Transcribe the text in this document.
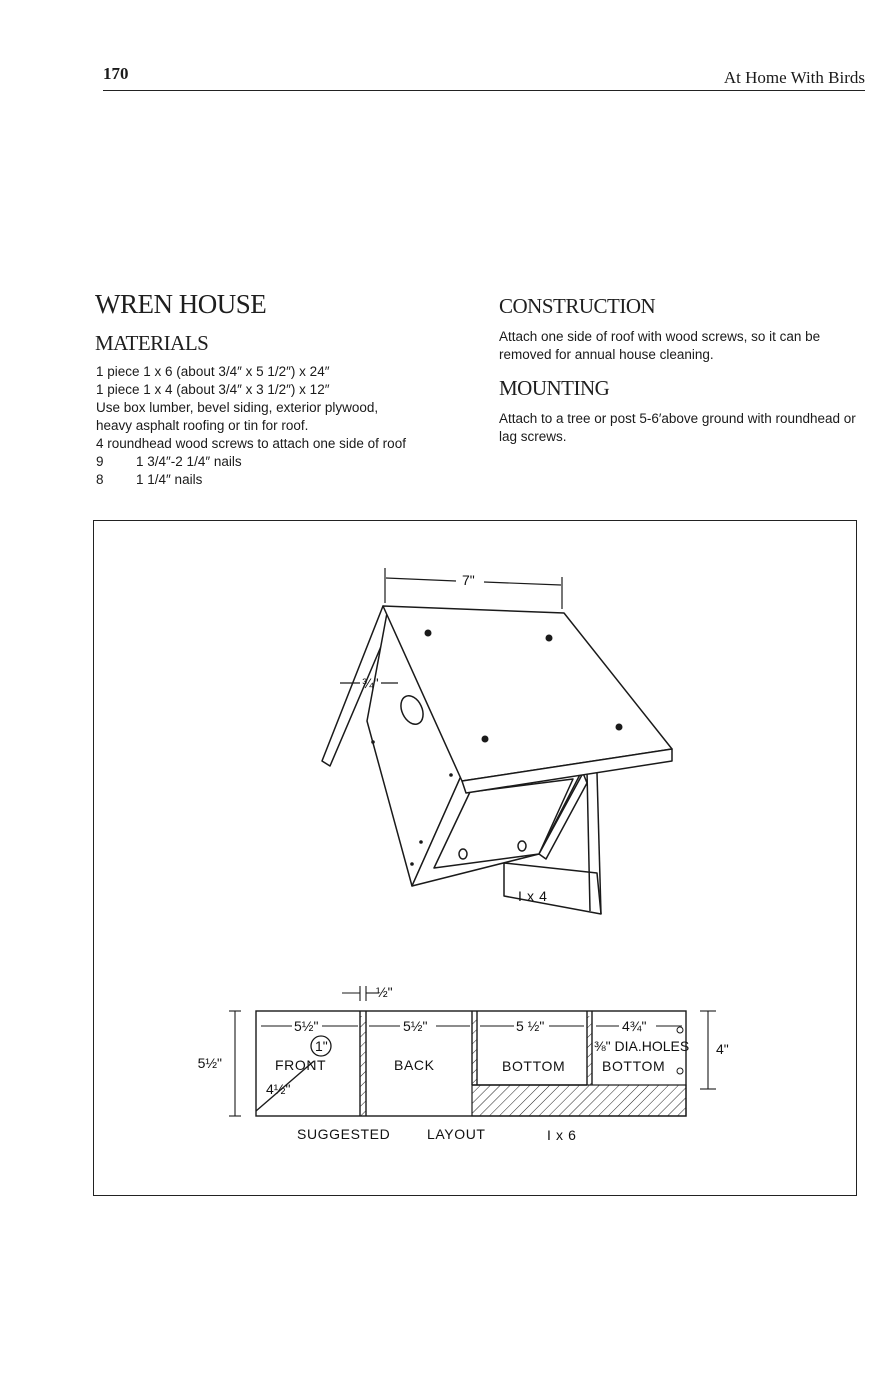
170	At Home With Birds
WREN HOUSE
MATERIALS
1 piece 1 x 6 (about 3/4″ x 5 1/2″) x 24″
1 piece 1 x 4 (about 3/4″ x 3 1/2″) x 12″
Use box lumber, bevel siding, exterior plywood,
heavy asphalt roofing or tin for roof.
4 roundhead wood screws to attach one side of roof
9 1 3/4″-2 1/4″ nails
8 1 1/4″ nails
CONSTRUCTION

Attach one side of roof with wood screws, so it can be removed for annual house cleaning.

MOUNTING

Attach to a tree or post 5-6′above ground with roundhead or lag screws.

7"
¾"
I x 4
½"
5½"	5½"	5 ½"	4¾"
5½"
4"
1"
4½"
⅜" DIA.HOLES
FRONT	BACK	BOTTOM	BOTTOM
SUGGESTED	LAYOUT	I x 6
